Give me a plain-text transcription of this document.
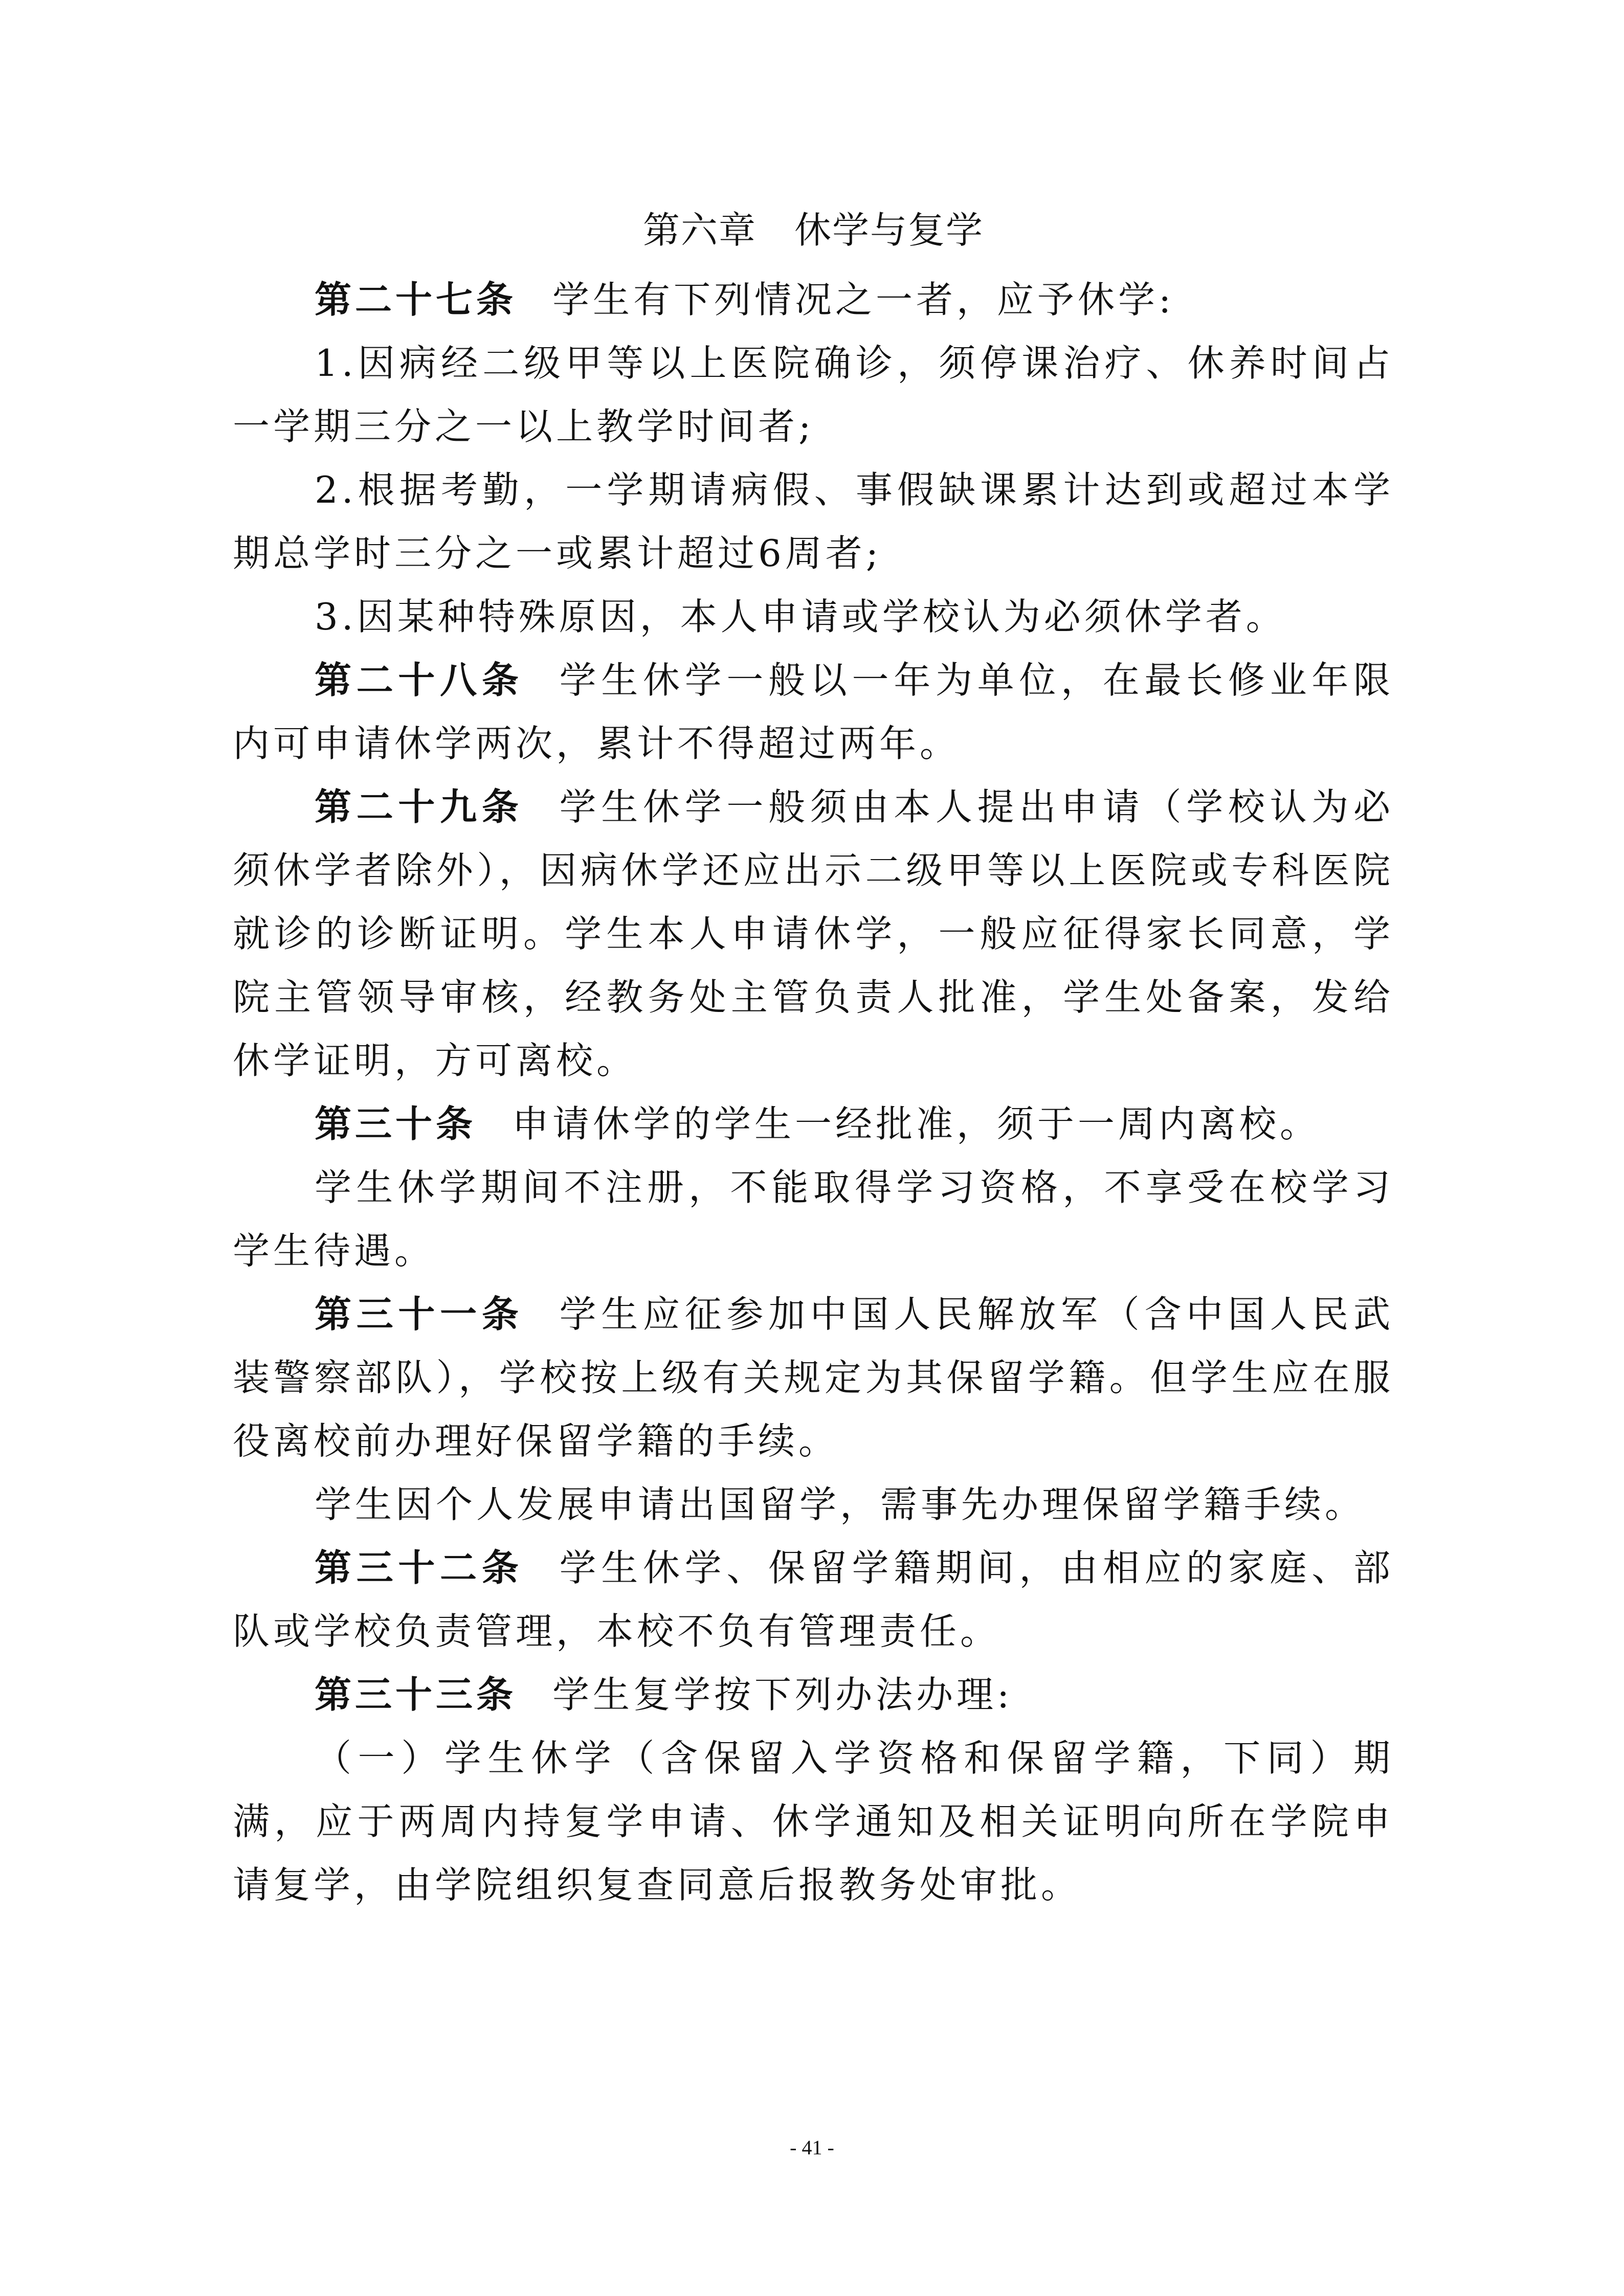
第六章　休学与复学

第二十七条 学生有下列情况之一者，应予休学:

1.因病经二级甲等以上医院确诊，须停课治疗、休养时间占一学期三分之一以上教学时间者;

2.根据考勤，一学期请病假、事假缺课累计达到或超过本学期总学时三分之一或累计超过6周者;

3.因某种特殊原因，本人申请或学校认为必须休学者。

第二十八条 学生休学一般以一年为单位，在最长修业年限内可申请休学两次，累计不得超过两年。

第二十九条 学生休学一般须由本人提出申请（学校认为必须休学者除外），因病休学还应出示二级甲等以上医院或专科医院就诊的诊断证明。学生本人申请休学，一般应征得家长同意，学院主管领导审核，经教务处主管负责人批准，学生处备案，发给休学证明，方可离校。

第三十条 申请休学的学生一经批准，须于一周内离校。

学生休学期间不注册，不能取得学习资格，不享受在校学习学生待遇。

第三十一条 学生应征参加中国人民解放军（含中国人民武装警察部队），学校按上级有关规定为其保留学籍。但学生应在服役离校前办理好保留学籍的手续。

学生因个人发展申请出国留学，需事先办理保留学籍手续。

第三十二条 学生休学、保留学籍期间，由相应的家庭、部队或学校负责管理，本校不负有管理责任。

第三十三条 学生复学按下列办法办理:

（一）学生休学（含保留入学资格和保留学籍，下同）期满，应于两周内持复学申请、休学通知及相关证明向所在学院申请复学，由学院组织复查同意后报教务处审批。

- 41 -
